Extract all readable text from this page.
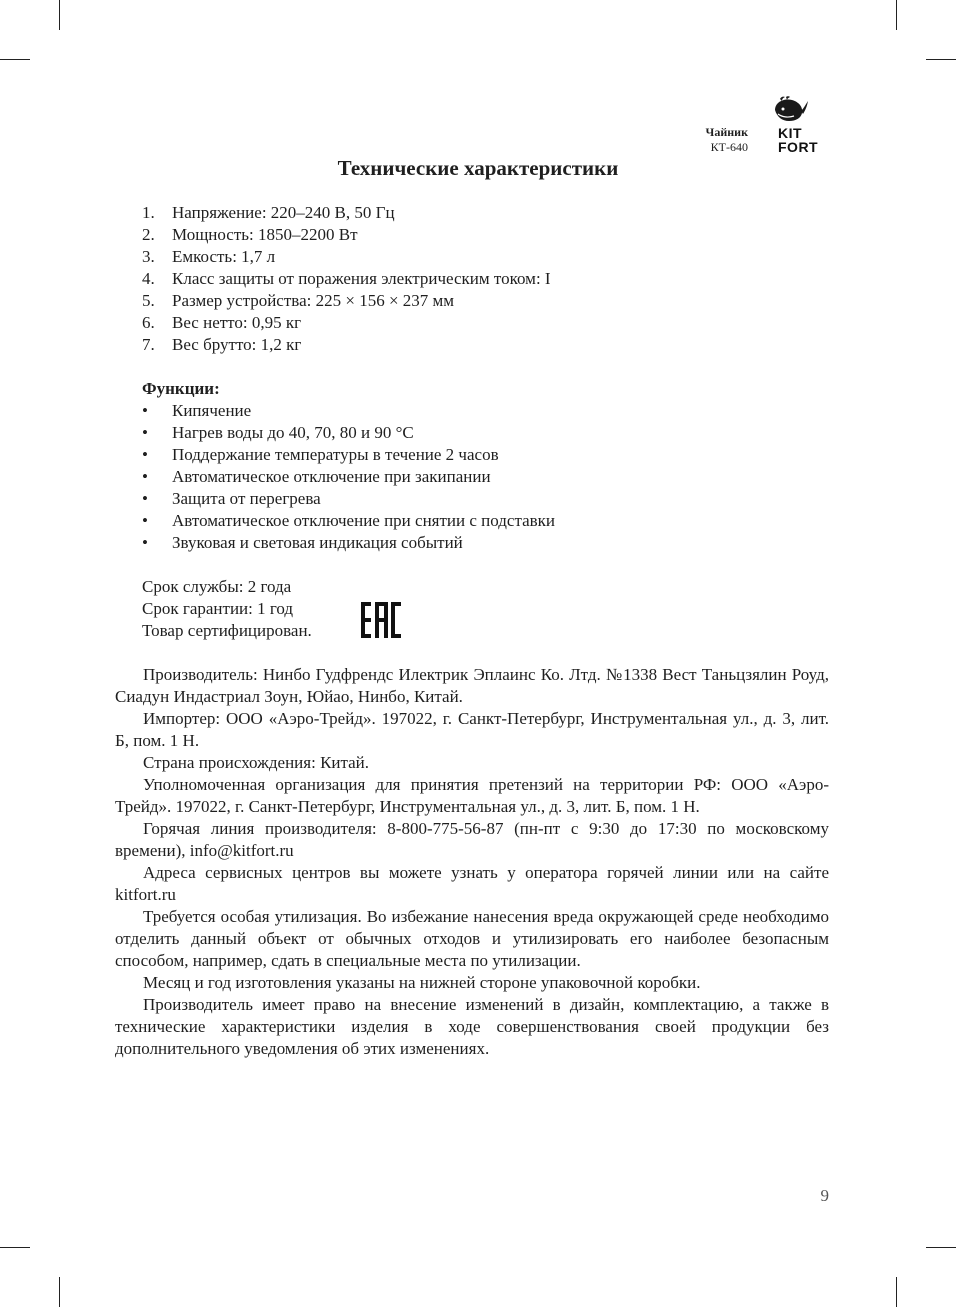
Чайник
КТ-640
KIT
FORT
Технические характеристики
1. Напряжение: 220–240 В, 50 Гц
2. Мощность: 1850–2200 Вт
3. Емкость: 1,7 л
4. Класс защиты от поражения электрическим током: I
5. Размер устройства: 225 × 156 × 237 мм
6. Вес нетто: 0,95 кг
7. Вес брутто: 1,2 кг
Функции:
• Кипячение
• Нагрев воды до 40, 70, 80 и 90 °С
• Поддержание температуры в течение 2 часов
• Автоматическое отключение при закипании
• Защита от перегрева
• Автоматическое отключение при снятии с подставки
• Звуковая и световая индикация событий
Срок службы: 2 года
Срок гарантии: 1 год
Товар сертифицирован.

Производитель: Нинбо Гудфрендс Илектрик Эплаинс Ко. Лтд. №1338 Вест Таньцзялин Роуд, Сиадун Индастриал Зоун, Юйао, Нинбо, Китай.

Импортер: ООО «Аэро-Трейд». 197022, г. Санкт-Петербург, Инструментальная ул., д. 3, лит. Б, пом. 1 Н.

Страна происхождения: Китай.

Уполномоченная организация для принятия претензий на территории РФ: ООО «Аэро-Трейд». 197022, г. Санкт-Петербург, Инструментальная ул., д. 3, лит. Б, пом. 1 Н.

Горячая линия производителя: 8-800-775-56-87 (пн-пт с 9:30 до 17:30 по московскому времени), info@kitfort.ru

Адреса сервисных центров вы можете узнать у оператора горячей линии или на сайте kitfort.ru

Требуется особая утилизация. Во избежание нанесения вреда окружающей среде необходимо отделить данный объект от обычных отходов и утилизировать его наиболее безопасным способом, например, сдать в специальные места по утилизации.

Месяц и год изготовления указаны на нижней стороне упаковочной коробки.

Производитель имеет право на внесение изменений в дизайн, комплектацию, а также в технические характеристики изделия в ходе совершенствования своей продукции без дополнительного уведомления об этих изменениях.

9
